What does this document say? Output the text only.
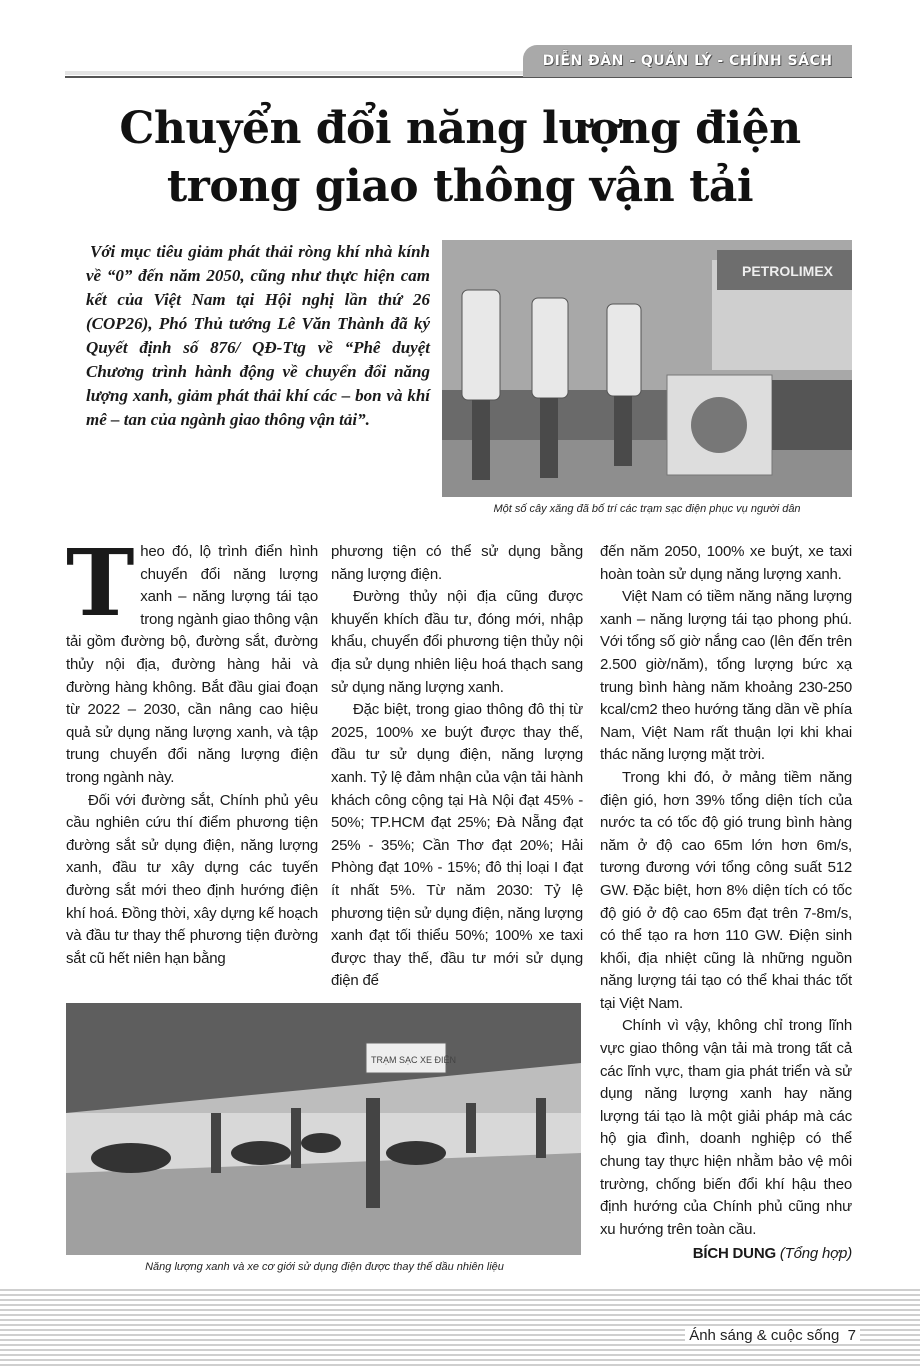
DIỄN ĐÀN - QUẢN LÝ - CHÍNH SÁCH
Chuyển đổi năng lượng điện
trong giao thông vận tải
Với mục tiêu giảm phát thải ròng khí nhà kính về “0” đến năm 2050, cũng như thực hiện cam kết của Việt Nam tại Hội nghị lần thứ 26 (COP26), Phó Thủ tướng Lê Văn Thành đã ký Quyết định số 876/ QĐ-Ttg về “Phê duyệt Chương trình hành động về chuyển đổi năng lượng xanh, giảm phát thải khí các – bon và khí mê – tan của ngành giao thông vận tải”.
PETROLIMEX
Một số cây xăng đã bố trí các trạm sạc điện phục vụ người dân

Theo đó, lộ trình điển hình chuyển đổi năng lượng xanh – năng lượng tái tạo trong ngành giao thông vận tải gồm đường bộ, đường sắt, đường thủy nội địa, đường hàng hải và đường hàng không. Bắt đầu giai đoạn từ 2022 – 2030, cần nâng cao hiệu quả sử dụng năng lượng xanh, và tập trung chuyển đổi năng lượng điện trong ngành này.

Đối với đường sắt, Chính phủ yêu cầu nghiên cứu thí điểm phương tiện đường sắt sử dụng điện, năng lượng xanh, đầu tư xây dựng các tuyến đường sắt mới theo định hướng điện khí hoá. Đồng thời, xây dựng kế hoạch và đầu tư thay thế phương tiện đường sắt cũ hết niên hạn bằng

phương tiện có thể sử dụng bằng năng lượng điện.

Đường thủy nội địa cũng được khuyến khích đầu tư, đóng mới, nhập khẩu, chuyển đổi phương tiện thủy nội địa sử dụng nhiên liệu hoá thạch sang sử dụng năng lượng xanh.

Đặc biệt, trong giao thông đô thị từ 2025, 100% xe buýt được thay thế, đầu tư sử dụng điện, năng lượng xanh. Tỷ lệ đảm nhận của vận tải hành khách công cộng tại Hà Nội đạt 45% - 50%; TP.HCM đạt 25%; Đà Nẵng đạt 25% - 35%; Cần Thơ đạt 20%; Hải Phòng đạt 10% - 15%; đô thị loại I đạt ít nhất 5%. Từ năm 2030: Tỷ lệ phương tiện sử dụng điện, năng lượng xanh đạt tối thiểu 50%; 100% xe taxi được thay thế, đầu tư mới sử dụng điện để

TRẠM SẠC XE ĐIỆN
Năng lượng xanh và xe cơ giới sử dụng điện được thay thế dầu nhiên liệu

đến năm 2050, 100% xe buýt, xe taxi hoàn toàn sử dụng năng lượng xanh.

Việt Nam có tiềm năng năng lượng xanh – năng lượng tái tạo phong phú. Với tổng số giờ nắng cao (lên đến trên 2.500 giờ/năm), tổng lượng bức xạ trung bình hàng năm khoảng 230-250 kcal/cm2 theo hướng tăng dần về phía Nam, Việt Nam rất thuận lợi khi khai thác năng lượng mặt trời.

Trong khi đó, ở mảng tiềm năng điện gió, hơn 39% tổng diện tích của nước ta có tốc độ gió trung bình hàng năm ở độ cao 65m lớn hơn 6m/s, tương đương với tổng công suất 512 GW. Đặc biệt, hơn 8% diện tích có tốc độ gió ở độ cao 65m đạt trên 7-8m/s, có thể tạo ra hơn 110 GW. Điện sinh khối, địa nhiệt cũng là những nguồn năng lượng tái tạo có thể khai thác tốt tại Việt Nam.

Chính vì vậy, không chỉ trong lĩnh vực giao thông vận tải mà trong tất cả các lĩnh vực, tham gia phát triển và sử dụng năng lượng xanh hay năng lượng tái tạo là một giải pháp mà các hộ gia đình, doanh nghiệp có thể chung tay thực hiện nhằm bảo vệ môi trường, chống biến đổi khí hậu theo định hướng của Chính phủ cũng như xu hướng trên toàn cầu.

BÍCH DUNG (Tổng hợp)
Ánh sáng & cuộc sống 7
